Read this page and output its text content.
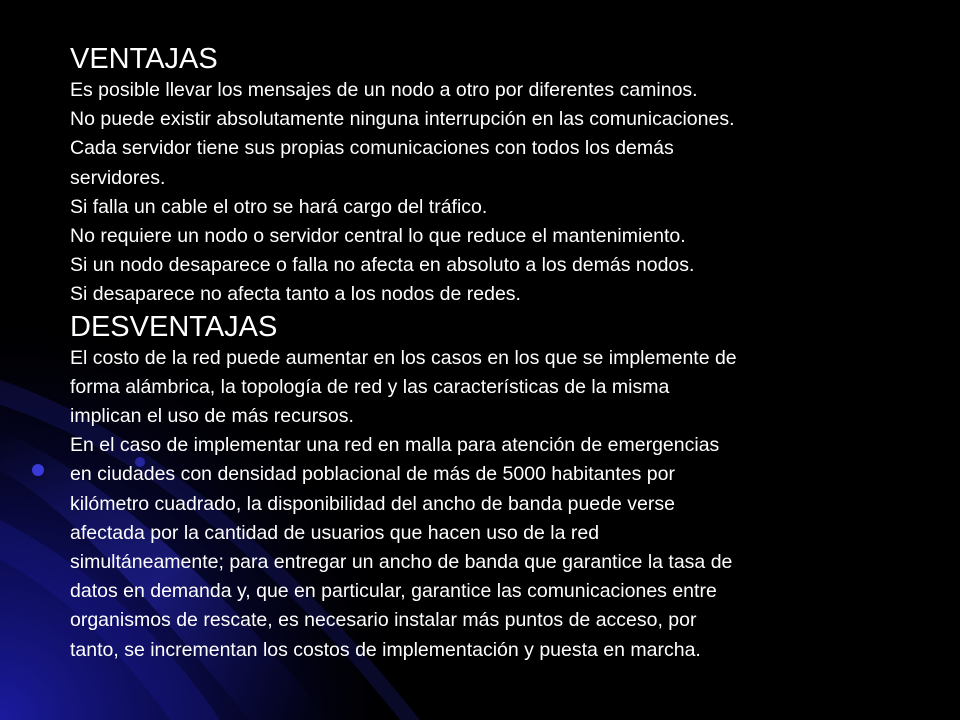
VENTAJAS
Es posible llevar los mensajes de un nodo a otro por diferentes caminos.
No puede existir absolutamente ninguna interrupción en las comunicaciones.
Cada servidor tiene sus propias comunicaciones con todos los demás
servidores.
Si falla un cable el otro se hará cargo del tráfico.
No requiere un nodo o servidor central lo que reduce el mantenimiento.
Si un nodo desaparece o falla no afecta en absoluto a los demás nodos.
Si desaparece no afecta tanto a los nodos de redes.
DESVENTAJAS
El costo de la red puede aumentar en los casos en los que se implemente de
forma alámbrica, la topología de red y las características de la misma
implican el uso de más recursos.
En el caso de implementar una red en malla para atención de emergencias
en ciudades con densidad poblacional de más de 5000 habitantes por
kilómetro cuadrado, la disponibilidad del ancho de banda puede verse
afectada por la cantidad de usuarios que hacen uso de la red
simultáneamente; para entregar un ancho de banda que garantice la tasa de
datos en demanda y, que en particular, garantice las comunicaciones entre
organismos de rescate, es necesario instalar más puntos de acceso, por
tanto, se incrementan los costos de implementación y puesta en marcha.
